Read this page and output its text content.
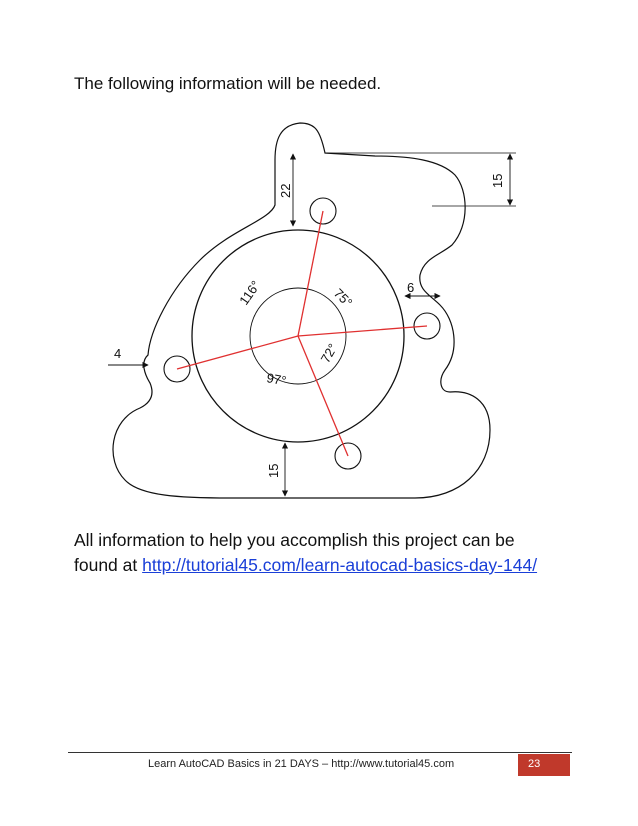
The following information will be needed.
22
15
6
4
15
116°	75°
72°
97°
All information to help you accomplish this project can be found at http://tutorial45.com/learn-autocad-basics-day-144/
Learn AutoCAD Basics in 21 DAYS – http://www.tutorial45.com	23
